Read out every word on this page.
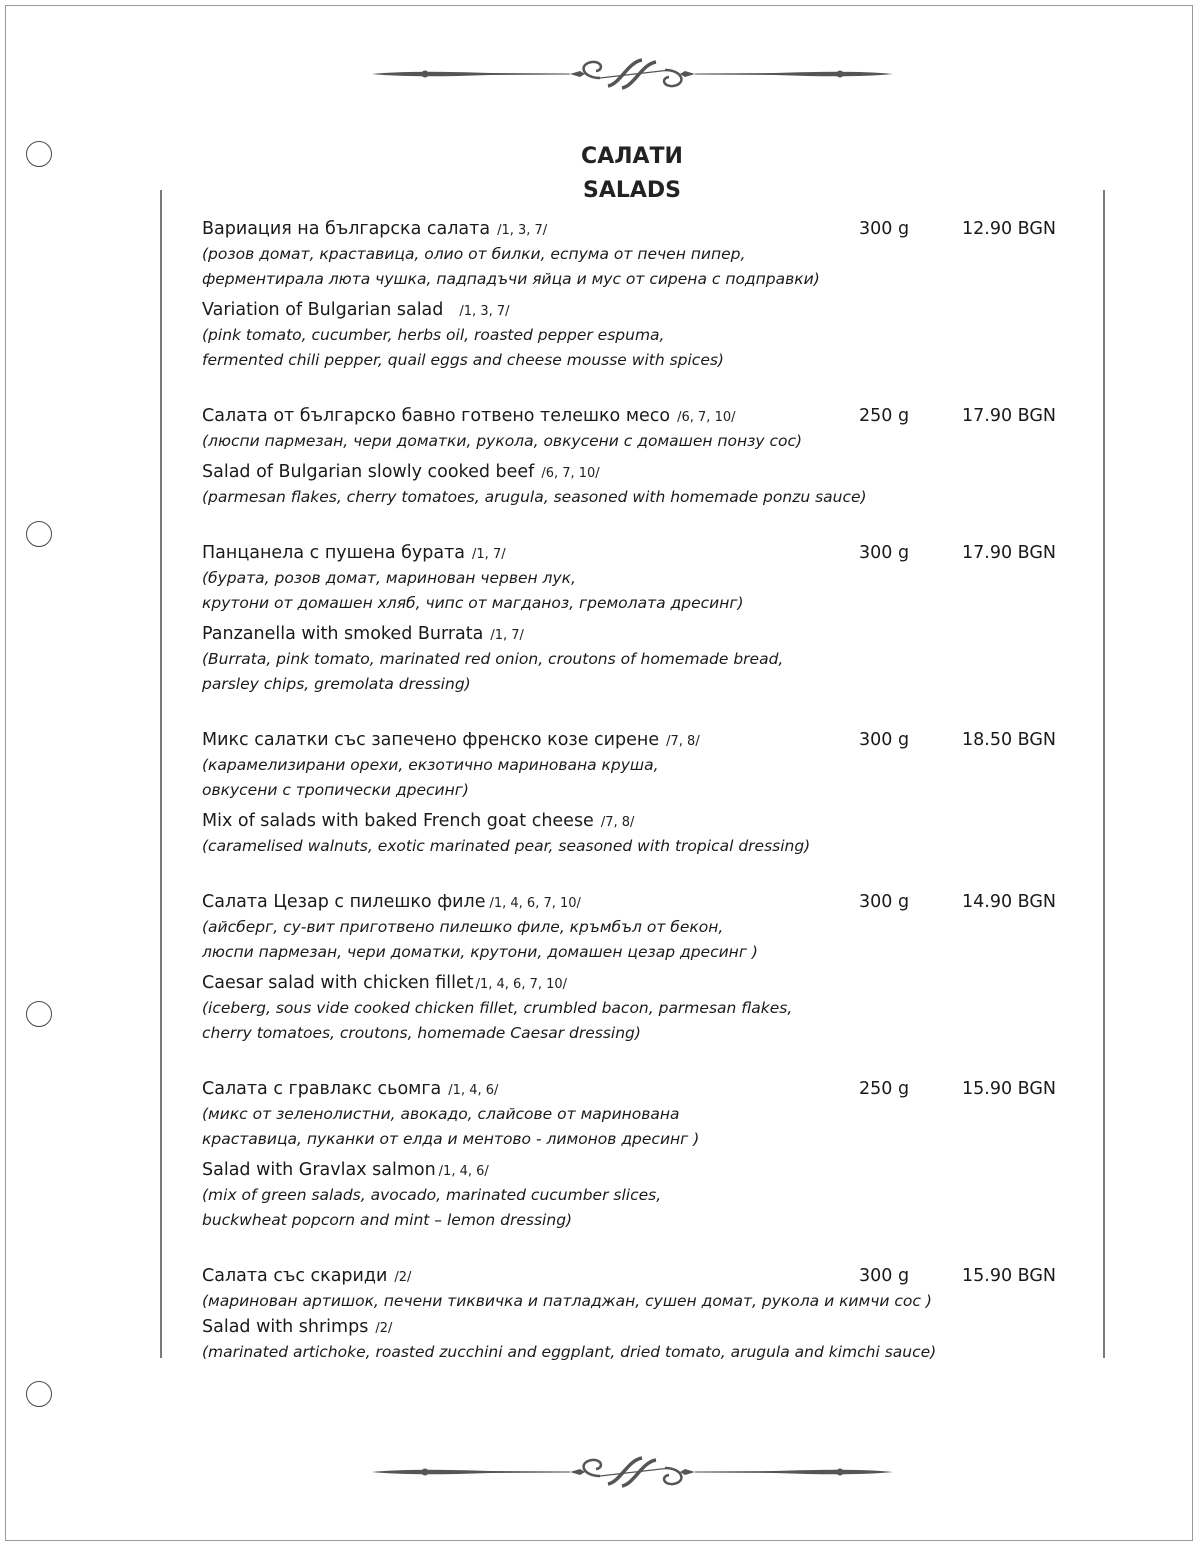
САЛАТИ
SALADS
Вариация на българска салата /1, 3, 7/	300 g	12.90 BGN
(розов домат, краставица, олио от билки, еспума от печен пипер,
ферментирала люта чушка, падпадъчи яйца и мус от сирена с подправки)
Variation of Bulgarian salad /1, 3, 7/
(pink tomato, cucumber, herbs oil, roasted pepper espuma,
fermented chili pepper, quail eggs and cheese mousse with spices)
Салата от българско бавно готвено телешко месо /6, 7, 10/	250 g	17.90 BGN
(люспи пармезан, чери доматки, рукола, овкусени с домашен понзу сос)
Salad of Bulgarian slowly cooked beef /6, 7, 10/
(parmesan flakes, cherry tomatoes, arugula, seasoned with homemade ponzu sauce)
Панцанела с пушена бурата /1, 7/	300 g	17.90 BGN
(бурата, розов домат, маринован червен лук,
крутони от домашен хляб, чипс от магданоз, гремолата дресинг)
Panzanella with smoked Burrata /1, 7/
(Burrata, pink tomato, marinated red onion, croutons of homemade bread,
parsley chips, gremolata dressing)
Микс салатки със запечено френско козе сирене /7, 8/	300 g	18.50 BGN
(карамелизирани орехи, екзотично маринована круша,
овкусени с тропически дресинг)
Mix of salads with baked French goat cheese /7, 8/
(caramelised walnuts, exotic marinated pear, seasoned with tropical dressing)
Салата Цезар с пилешко филе /1, 4, 6, 7, 10/	300 g	14.90 BGN
(айсберг, су-вит приготвено пилешко филе, кръмбъл от бекон,
люспи пармезан, чери доматки, крутони, домашен цезар дресинг )
Caesar salad with chicken fillet /1, 4, 6, 7, 10/
(iceberg, sous vide cooked chicken fillet, crumbled bacon, parmesan flakes,
cherry tomatoes, croutons, homemade Caesar dressing)
Салата с гравлакс сьомга /1, 4, 6/	250 g	15.90 BGN
(микс от зеленолистни, авокадо, слайсове от маринована
краставица, пуканки от елда и ментово - лимонов дресинг )
Salad with Gravlax salmon /1, 4, 6/
(mix of green salads, avocado, marinated cucumber slices,
buckwheat popcorn and mint – lemon dressing)
Салата със скариди /2/	300 g	15.90 BGN
(маринован артишок, печени тиквичка и патладжан, сушен домат, рукола и кимчи сос )
Salad with shrimps /2/
(marinated artichoke, roasted zucchini and eggplant, dried tomato, arugula and kimchi sauce)
